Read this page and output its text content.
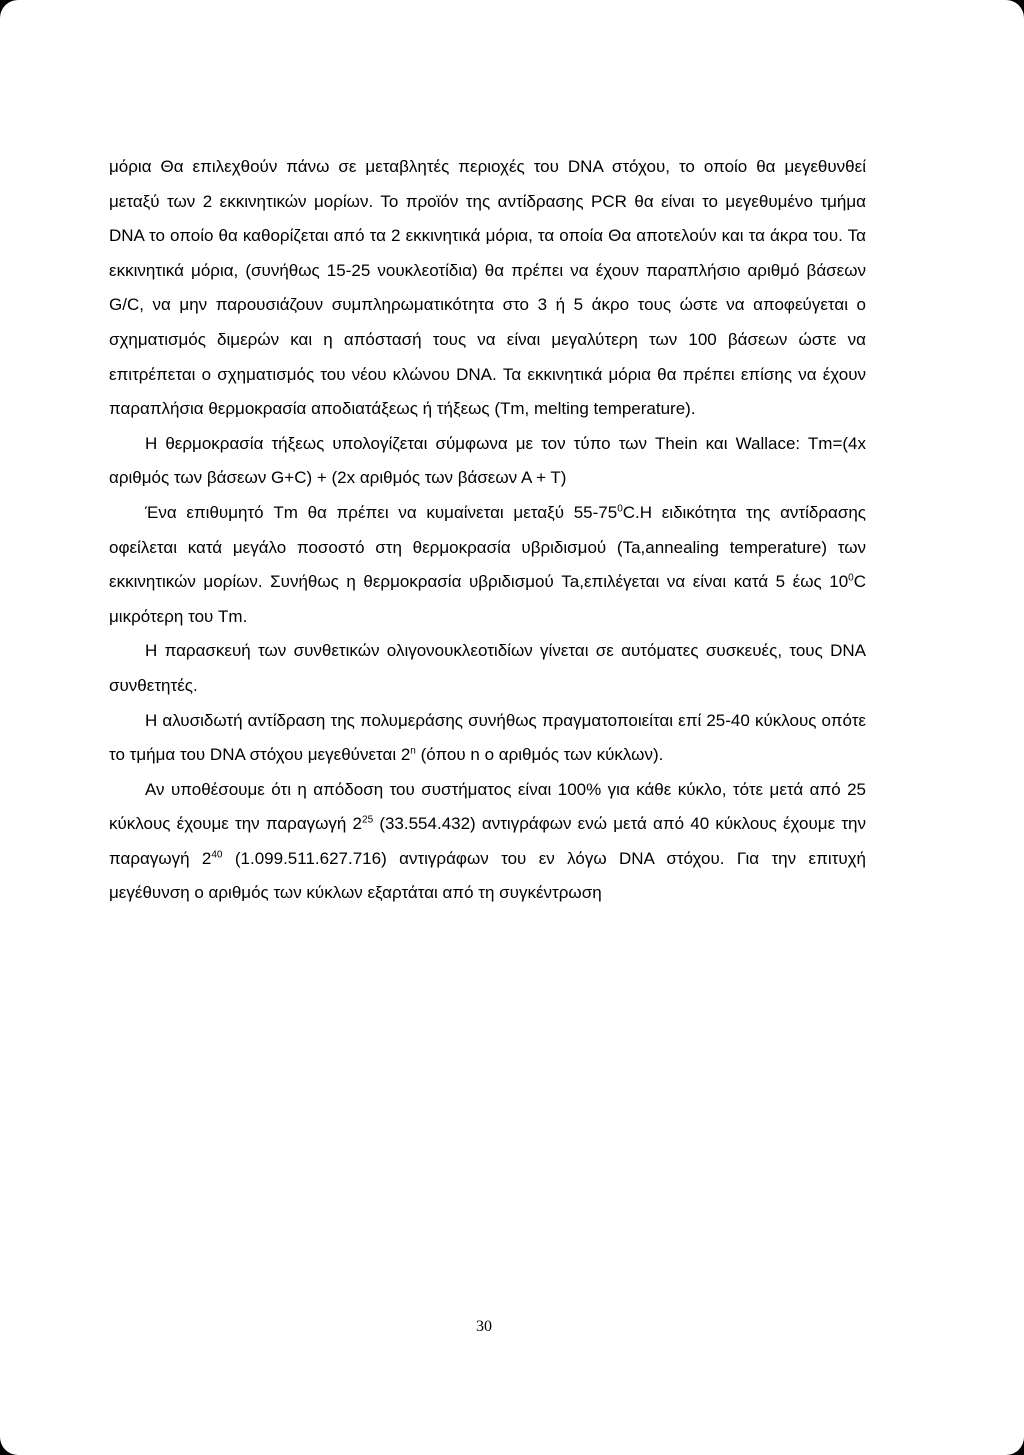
μόρια Θα επιλεχθούν πάνω σε μεταβλητές περιοχές του DNA στόχου, το οποίο θα μεγεθυνθεί μεταξύ των 2 εκκινητικών μορίων. Το προϊόν της αντίδρασης PCR θα είναι το μεγεθυμένο τμήμα DNA το οποίο θα καθορίζεται από τα 2 εκκινητικά μόρια, τα οποία Θα αποτελούν και τα άκρα του. Τα εκκινητικά μόρια, (συνήθως 15-25 νουκλεοτίδια) θα πρέπει να έχουν παραπλήσιο αριθμό βάσεων G/C, να μην παρουσιάζουν συμπληρωματικότητα στο 3 ή 5 άκρο τους ώστε να αποφεύγεται ο σχηματισμός διμερών και η απόστασή τους να είναι μεγαλύτερη των 100 βάσεων ώστε να επιτρέπεται ο σχηματισμός του νέου κλώνου DNA. Τα εκκινητικά μόρια θα πρέπει επίσης να έχουν παραπλήσια θερμοκρασία αποδιατάξεως ή τήξεως (Tm, melting temperature).

Η θερμοκρασία τήξεως υπολογίζεται σύμφωνα με τον τύπο των Thein και Wallace: Tm=(4x αριθμός των βάσεων G+C) + (2x αριθμός των βάσεων Α + Τ)

Ένα επιθυμητό Tm θα πρέπει να κυμαίνεται μεταξύ $55-75^0C.H$ ειδικότητα της αντίδρασης οφείλεται κατά μεγάλο ποσοστό στη θερμοκρασία υβριδισμού (Ta,annealing temperature) των εκκινητικών μορίων. Συνήθως η θερμοκρασία υβριδισμού Ta,επιλέγεται να είναι κατά 5 έως $10^0C$ μικρότερη του Tm.

Η παρασκευή των συνθετικών ολιγονουκλεοτιδίων γίνεται σε αυτόματες συσκευές, τους DNA συνθετητές.

Η αλυσιδωτή αντίδραση της πολυμεράσης συνήθως πραγματοποιείται επί 25-40 κύκλους οπότε το τμήμα του DNA στόχου μεγεθύνεται 2$^n$ (όπου n ο αριθμός των κύκλων).

Αν υποθέσουμε ότι η απόδοση του συστήματος είναι 100% για κάθε κύκλο, τότε μετά από 25 κύκλους έχουμε την παραγωγή $2^{25}$ (33.554.432) αντιγράφων ενώ μετά από 40 κύκλους έχουμε την παραγωγή $2^{40}$ (1.099.511.627.716) αντιγράφων του εν λόγω DNA στόχου. Για την επιτυχή μεγέθυνση ο αριθμός των κύκλων εξαρτάται από τη συγκέντρωση

30
